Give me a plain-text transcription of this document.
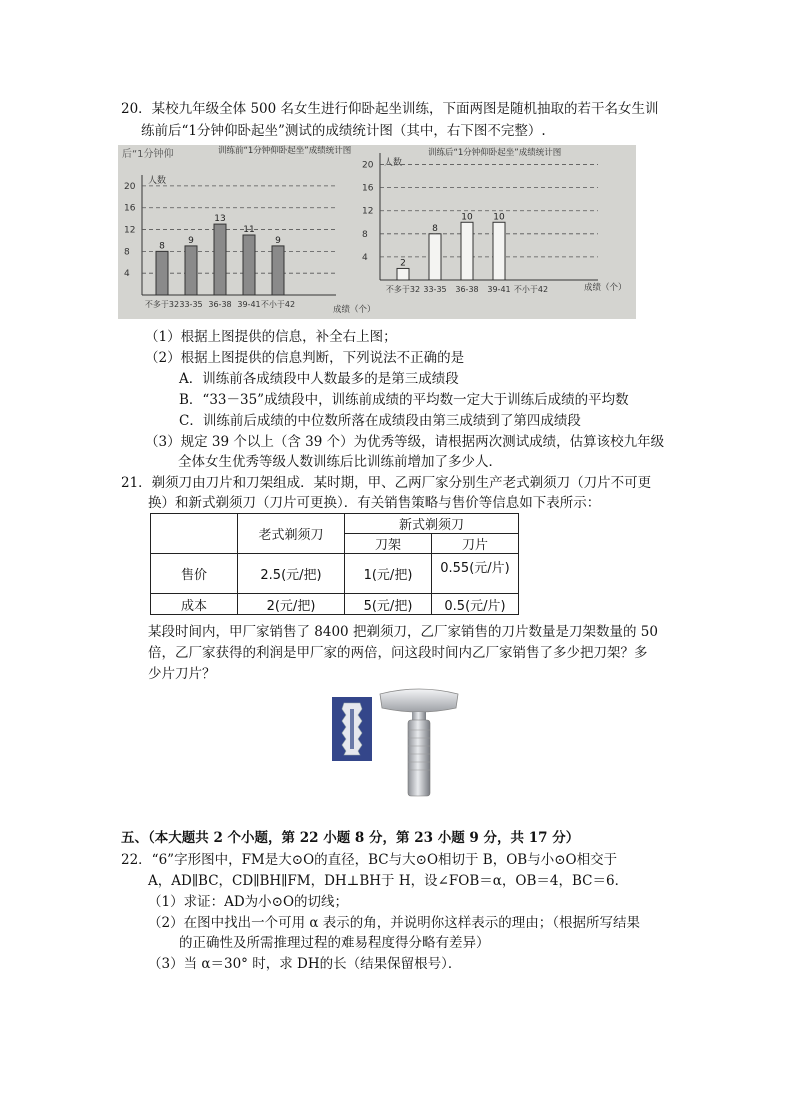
20．某校九年级全体 500 名女生进行仰卧起坐训练，下面两图是随机抽取的若干名女生训
练前后“1分钟仰卧起坐”测试的成绩统计图（其中，右下图不完整）.
后“1分钟仰	训练前“1分钟仰卧起坐”成绩统计图
人数
4
8
12
16
20
8
9
13
11
9
不多于32 33-35 36-38 39-41 不小于42
成绩（个）
训练后“1分钟仰卧起坐”成绩统计图
人数
4
8
12
16
20
2
8
10 10
不多于32 33-35 36-38 39-41 不小于42	成绩（个）
（1）根据上图提供的信息，补全右上图；
（2）根据上图提供的信息判断，下列说法不正确的是
A．训练前各成绩段中人数最多的是第三成绩段
B．“33－35”成绩段中，训练前成绩的平均数一定大于训练后成绩的平均数
C．训练前后成绩的中位数所落在成绩段由第三成绩到了第四成绩段
（3）规定 39 个以上（含 39 个）为优秀等级，请根据两次测试成绩，估算该校九年级
全体女生优秀等级人数训练后比训练前增加了多少人．
21．剃须刀由刀片和刀架组成．某时期，甲、乙两厂家分别生产老式剃须刀（刀片不可更
换）和新式剃须刀（刀片可更换）．有关销售策略与售价等信息如下表所示：
	老式剃须刀	新式剃须刀	
		刀架	刀片
售价	2.5(元/把)	1(元/把)	0.55(元/片)
成本	2(元/把)	5(元/把)	0.5(元/片)
某段时间内，甲厂家销售了 8400 把剃须刀，乙厂家销售的刀片数量是刀架数量的 50
倍，乙厂家获得的利润是甲厂家的两倍，问这段时间内乙厂家销售了多少把刀架？多
少片刀片？
五、（本大题共 2 个小题，第 22 小题 8 分，第 23 小题 9 分，共 17 分）
22．“6”字形图中，FM是大⊙O的直径，BC与大⊙O相切于 B，OB与小⊙O相交于
A，AD∥BC，CD∥BH∥FM，DH⊥BH于 H，设∠FOB＝α，OB＝4，BC＝6．
（1）求证：AD为小⊙O的切线；
（2）在图中找出一个可用 α 表示的角，并说明你这样表示的理由；（根据所写结果
的正确性及所需推理过程的难易程度得分略有差异）
（3）当 α＝30° 时，求 DH的长（结果保留根号）．
